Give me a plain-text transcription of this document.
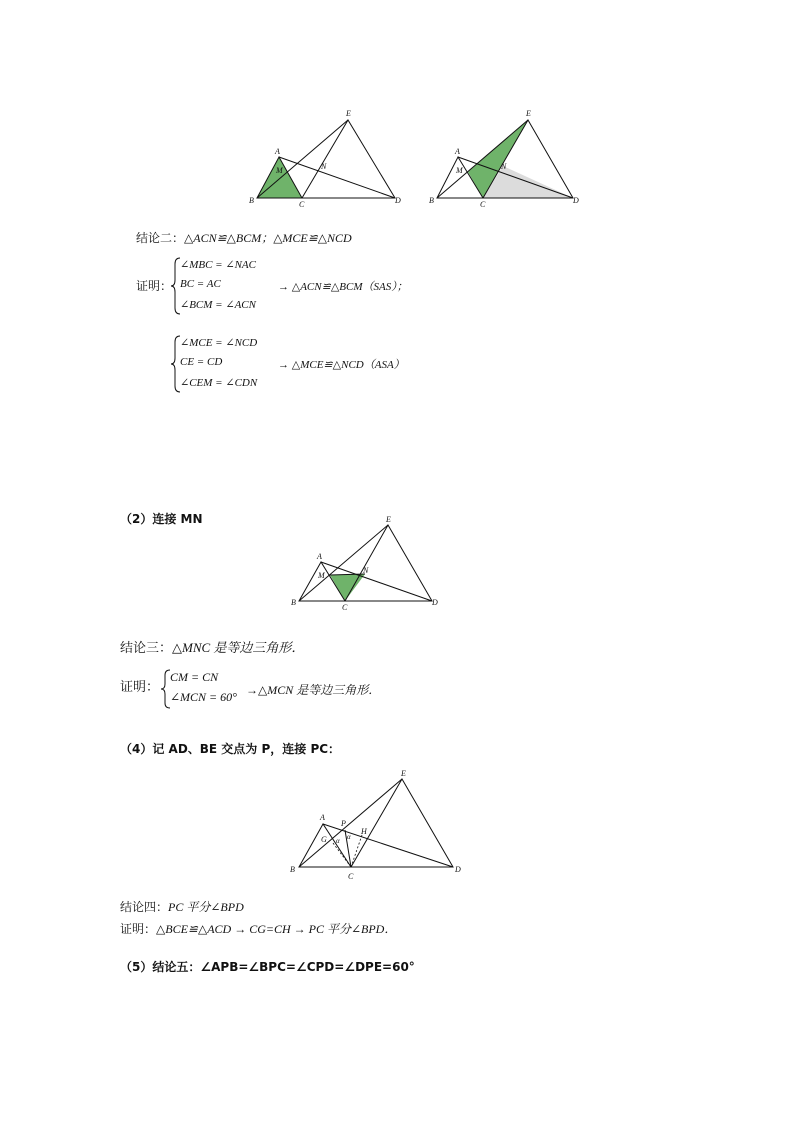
A
B	C	D
E
M	N
A
B	C	D
E
M	N
结论二：△ACN≌△BCM；△MCE≌△NCD
证明：
∠MBC = ∠NAC
BC = AC
∠BCM = ∠ACN
→ △ACN≌△BCM（SAS）；
∠MCE = ∠NCD
CE = CD
∠CEM = ∠CDN
→ △MCE≌△NCD（ASA）
（2）连接 MN
A
B
C
D
E
M
N
结论三：△MNC 是等边三角形．
证明：
CM = CN
∠MCN = 60° →△MCN 是等边三角形．
（4）记 AD、BE 交点为 P，连接 PC：
A
B
C
D
E
G
H
P
α α
结论四：PC 平分∠BPD
证明：△BCE≌△ACD → CG=CH → PC 平分∠BPD．
（5）结论五：∠APB=∠BPC=∠CPD=∠DPE=60°
